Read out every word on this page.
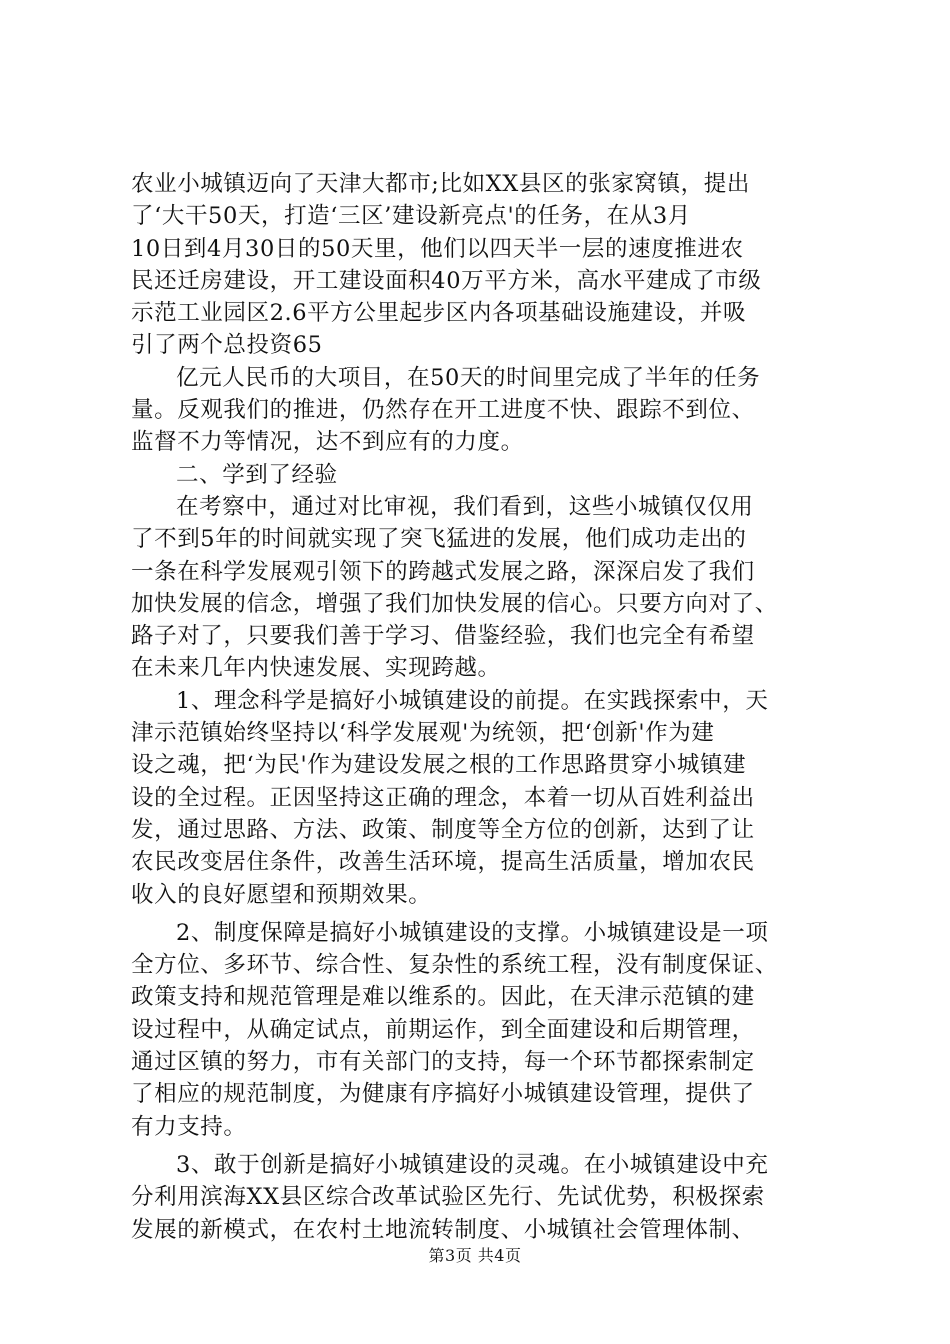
农业小城镇迈向了天津大都市;比如XX县区的张家窝镇，提出
了‘大干50天，打造‘三区’建设新亮点'的任务，在从3月
10日到4月30日的50天里，他们以四天半一层的速度推进农
民还迁房建设，开工建设面积40万平方米，高水平建成了市级
示范工业园区2.6平方公里起步区内各项基础设施建设，并吸
引了两个总投资65

亿元人民币的大项目，在50天的时间里完成了半年的任务
量。反观我们的推进，仍然存在开工进度不快、跟踪不到位、
监督不力等情况，达不到应有的力度。

二、学到了经验

在考察中，通过对比审视，我们看到，这些小城镇仅仅用
了不到5年的时间就实现了突飞猛进的发展，他们成功走出的
一条在科学发展观引领下的跨越式发展之路，深深启发了我们
加快发展的信念，增强了我们加快发展的信心。只要方向对了、
路子对了，只要我们善于学习、借鉴经验，我们也完全有希望
在未来几年内快速发展、实现跨越。

1、理念科学是搞好小城镇建设的前提。在实践探索中，天
津示范镇始终坚持以‘科学发展观'为统领，把‘创新'作为建
设之魂，把‘为民'作为建设发展之根的工作思路贯穿小城镇建
设的全过程。正因坚持这正确的理念，本着一切从百姓利益出
发，通过思路、方法、政策、制度等全方位的创新，达到了让
农民改变居住条件，改善生活环境，提高生活质量，增加农民
收入的良好愿望和预期效果。

2、制度保障是搞好小城镇建设的支撑。小城镇建设是一项
全方位、多环节、综合性、复杂性的系统工程，没有制度保证、
政策支持和规范管理是难以维系的。因此，在天津示范镇的建
设过程中，从确定试点，前期运作，到全面建设和后期管理，
通过区镇的努力，市有关部门的支持，每一个环节都探索制定
了相应的规范制度，为健康有序搞好小城镇建设管理，提供了
有力支持。

3、敢于创新是搞好小城镇建设的灵魂。在小城镇建设中充
分利用滨海XX县区综合改革试验区先行、先试优势，积极探索
发展的新模式，在农村土地流转制度、小城镇社会管理体制、

第3页 共4页
